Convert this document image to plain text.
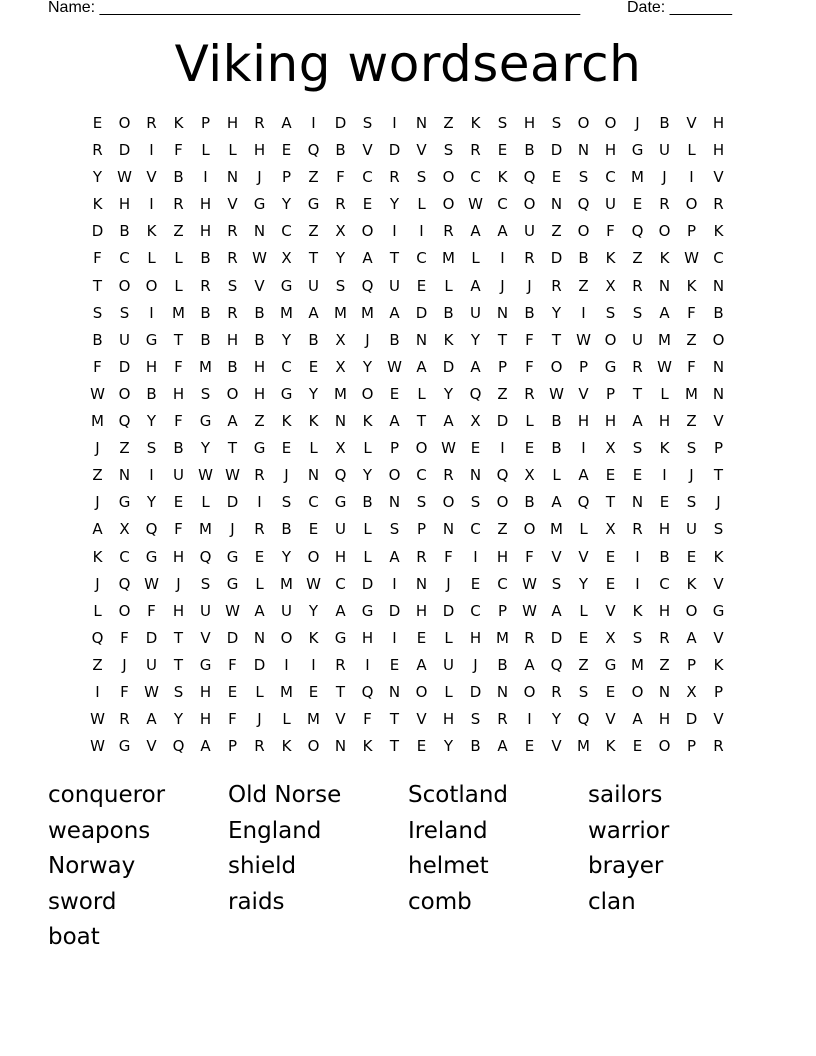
Name: ______________________________________________________	Date: _______
Viking wordsearch
E	O	R	K	P	H	R	A	I	D	S	I	N	Z	K	S	H	S	O	O	J	B	V	H
R	D	I	F	L	L	H	E	Q	B	V	D	V	S	R	E	B	D	N	H	G	U	L	H
Y	W V	B	I	N	J	P	Z	F	C	R	S	O	C	K	Q	E	S	C	M	J	I	V
K	H	I	R	H	V	G	Y	G	R	E	Y	L	O W C	O	N	Q	U	E	R	O	R
D	B	K	Z	H	R	N	C	Z	X	O	I	I	R	A	A	U	Z	O	F	Q	O	P	K
F	C	L	L	B	R W X	T	Y	A	T	C	M	L	I	R	D	B	K	Z	K W C
T	O	O	L	R	S	V	G	U	S	Q	U	E	L	A	J	J	R	Z	X	R	N	K	N
S	S	I	M	B	R	B	M	A	M M	A	D	B	U	N	B	Y	I	S	S	A	F	B
B	U	G	T	B	H	B	Y	B	X	J	B	N	K	Y	T	F	T	W O	U	M	Z	O
F	D	H	F	M	B	H	C	E	X	Y	W A	D	A	P	F	O	P	G	R W	F	N
W O	B	H	S	O	H	G	Y	M O	E	L	Y	Q	Z	R W V	P	T	L	M N
M Q	Y	F	G	A	Z	K	K	N	K	A	T	A	X	D	L	B	H	H	A	H	Z	V
J	Z	S	B	Y	T	G	E	L	X	L	P	O W E	I	E	B	I	X	S	K	S	P
Z	N	I	U W W R	J	N	Q	Y	O	C	R	N	Q	X	L	A	E	E	I	J	T
J	G	Y	E	L	D	I	S	C	G	B	N	S	O	S	O	B	A	Q	T	N	E	S	J
A	X	Q	F	M	J	R	B	E	U	L	S	P	N	C	Z	O M	L	X	R	H	U	S
K	C	G	H	Q	G	E	Y	O	H	L	A	R	F	I	H	F	V	V	E	I	B	E	K
J	Q W	J	S	G	L	M W C	D	I	N	J	E	C W S	Y	E	I	C	K	V
L	O	F	H	U W A	U	Y	A	G	D	H	D	C	P	W A	L	V	K	H	O	G
Q	F	D	T	V	D	N	O	K	G	H	I	E	L	H M	R	D	E	X	S	R	A	V
Z	J	U	T	G	F	D	I	I	R	I	E	A	U	J	B	A	Q	Z	G M	Z	P	K
I	F	W S	H	E	L	M	E	T	Q	N	O	L	D	N	O	R	S	E	O	N	X	P
W R	A	Y	H	F	J	L	M	V	F	T	V	H	S	R	I	Y	Q	V	A	H	D	V
W G	V	Q	A	P	R	K	O	N	K	T	E	Y	B	A	E	V	M	K	E	O	P	R
conqueror	Old Norse	Scotland	sailors
weapons	England	Ireland	warrior
Norway	shield	helmet	brayer
sword	raids	comb	clan
boat
